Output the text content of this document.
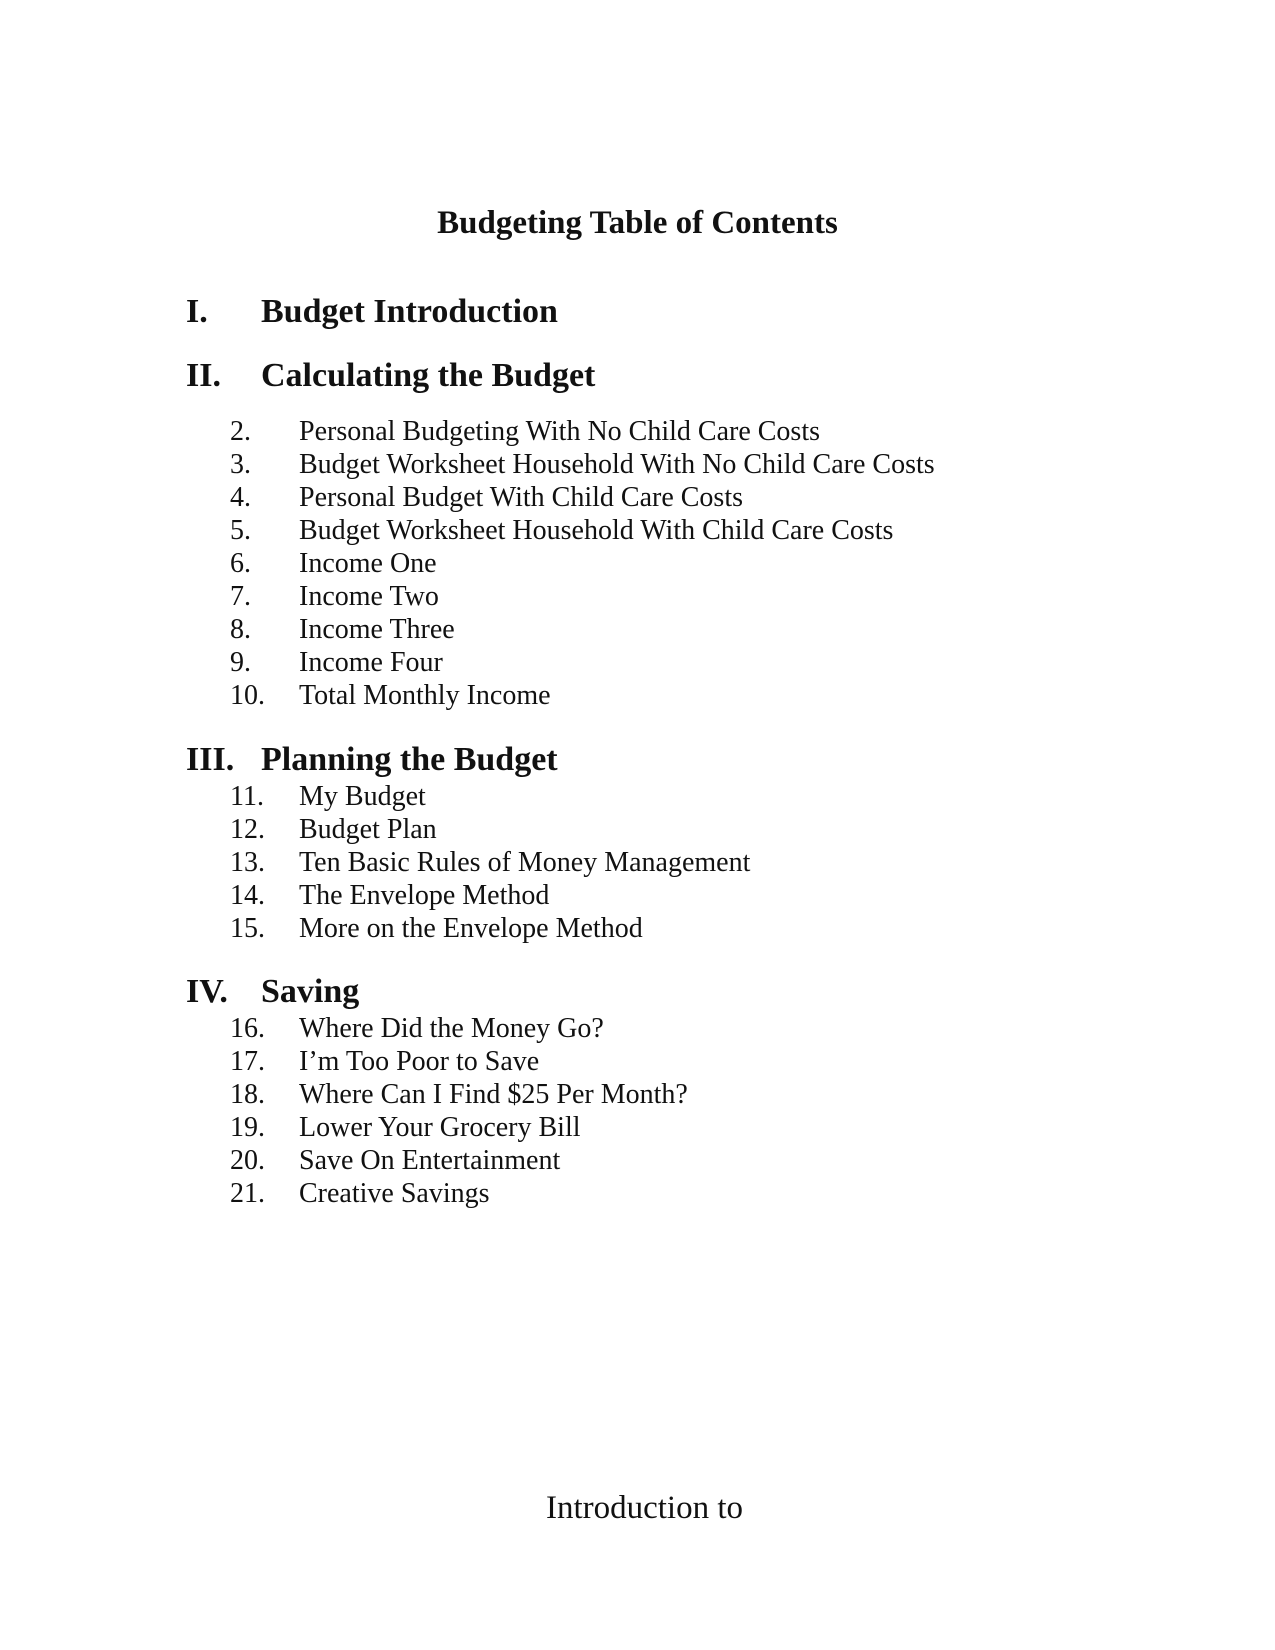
Budgeting Table of Contents
I. Budget Introduction
II. Calculating the Budget
2. Personal Budgeting With No Child Care Costs
3. Budget Worksheet Household With No Child Care Costs
4. Personal Budget With Child Care Costs
5. Budget Worksheet Household With Child Care Costs
6. Income One
7. Income Two
8. Income Three
9. Income Four
10. Total Monthly Income
III. Planning the Budget
11. My Budget
12. Budget Plan
13. Ten Basic Rules of Money Management
14. The Envelope Method
15. More on the Envelope Method
IV. Saving
16. Where Did the Money Go?
17. I’m Too Poor to Save
18. Where Can I Find $25 Per Month?
19. Lower Your Grocery Bill
20. Save On Entertainment
21. Creative Savings
Introduction to
